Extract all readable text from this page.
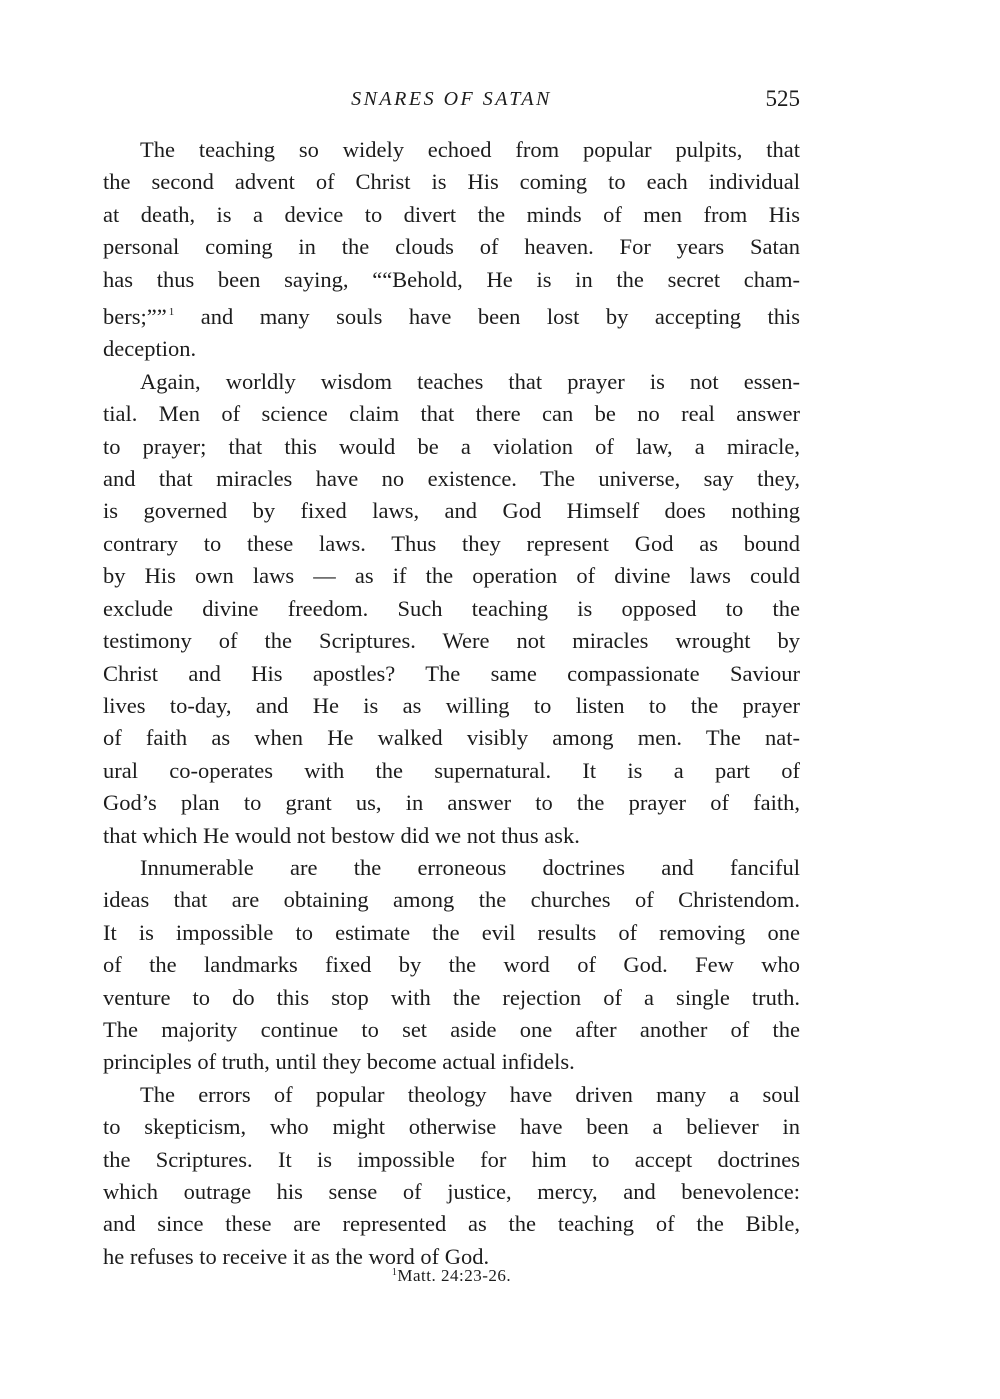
SNARES OF SATAN	525

The teaching so widely echoed from popular pulpits, that
the second advent of Christ is His coming to each individual
at death, is a device to divert the minds of men from His
personal coming in the clouds of heaven. For years Satan
has thus been saying, ““Behold, He is in the secret cham-
bers;”” $^1$ and many souls have been lost by accepting this
deception.

Again, worldly wisdom teaches that prayer is not essen-
tial. Men of science claim that there can be no real answer
to prayer; that this would be a violation of law, a miracle,
and that miracles have no existence. The universe, say they,
is governed by fixed laws, and God Himself does nothing
contrary to these laws. Thus they represent God as bound
by His own laws — as if the operation of divine laws could
exclude divine freedom. Such teaching is opposed to the
testimony of the Scriptures. Were not miracles wrought by
Christ and His apostles? The same compassionate Saviour
lives to-day, and He is as willing to listen to the prayer
of faith as when He walked visibly among men. The nat-
ural co-operates with the supernatural. It is a part of
God’s plan to grant us, in answer to the prayer of faith,
that which He would not bestow did we not thus ask.

Innumerable are the erroneous doctrines and fanciful
ideas that are obtaining among the churches of Christendom.
It is impossible to estimate the evil results of removing one
of the landmarks fixed by the word of God. Few who
venture to do this stop with the rejection of a single truth.
The majority continue to set aside one after another of the
principles of truth, until they become actual infidels.

The errors of popular theology have driven many a soul
to skepticism, who might otherwise have been a believer in
the Scriptures. It is impossible for him to accept doctrines
which outrage his sense of justice, mercy, and benevolence:
and since these are represented as the teaching of the Bible,
he refuses to receive it as the word of God.

$^1$Matt. 24:23-26.
